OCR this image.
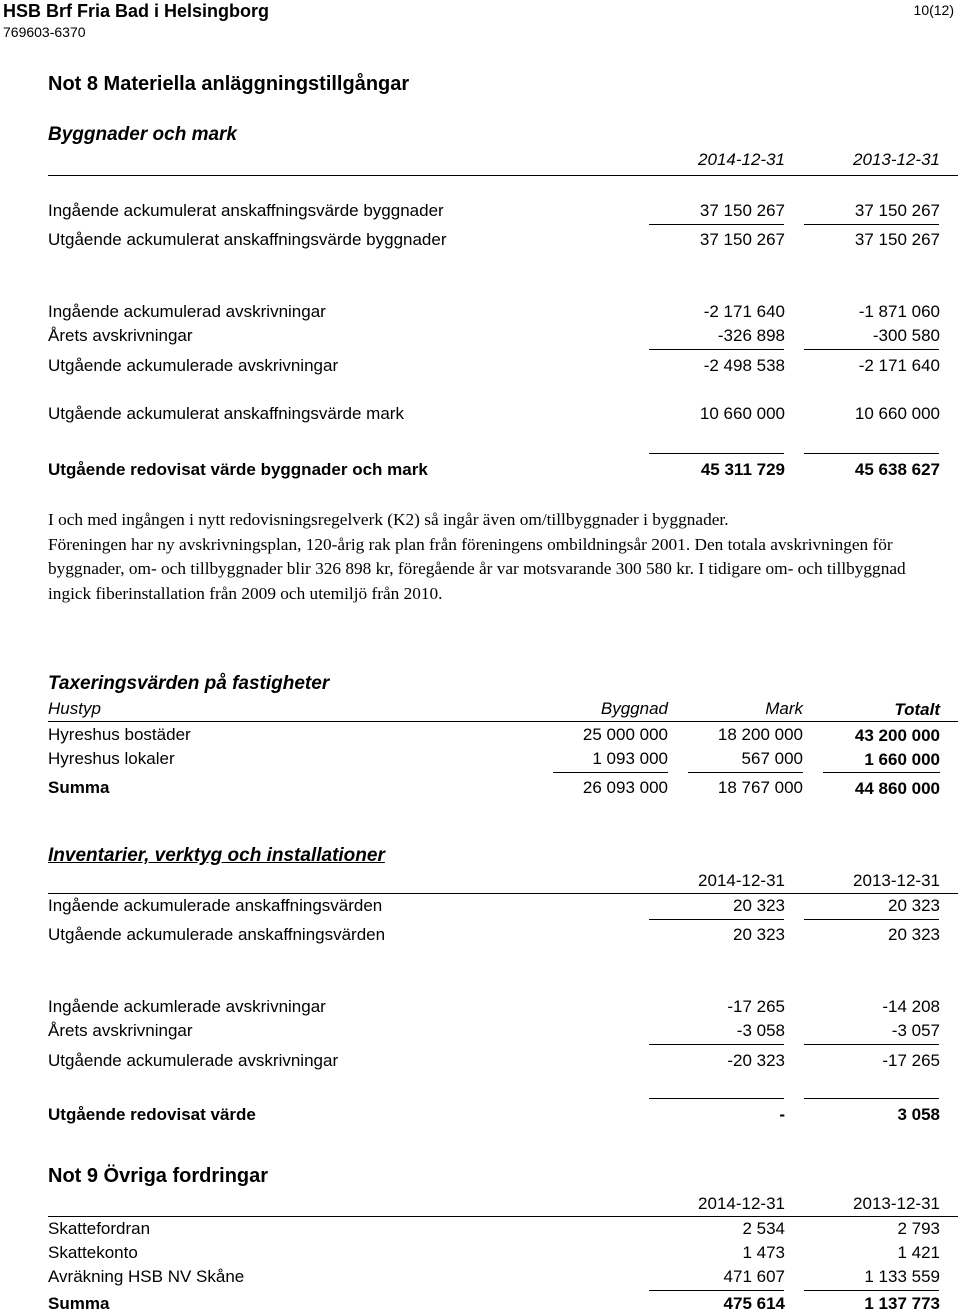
HSB Brf Fria Bad i Helsingborg
769603-6370
10(12)
Not 8 Materiella anläggningstillgångar
Byggnader och mark
2014-12-31	2013-12-31
Ingående ackumulerat anskaffningsvärde byggnader	37 150 267	37 150 267
Utgående ackumulerat anskaffningsvärde byggnader	37 150 267	37 150 267
Ingående ackumulerad avskrivningar	-2 171 640	-1 871 060
Årets avskrivningar	-326 898	-300 580
Utgående ackumulerade avskrivningar	-2 498 538	-2 171 640
Utgående ackumulerat anskaffningsvärde mark	10 660 000	10 660 000
Utgående redovisat värde byggnader och mark	45 311 729	45 638 627

I och med ingången i nytt redovisningsregelverk (K2) så ingår även om/tillbyggnader i byggnader.

Föreningen har ny avskrivningsplan, 120-årig rak plan från föreningens ombildningsår 2001. Den totala avskrivningen för byggnader, om- och tillbyggnader blir 326 898 kr, föregående år var motsvarande 300 580 kr. I tidigare om- och tillbyggnad ingick fiberinstallation från 2009 och utemiljö från 2010.

Taxeringsvärden på fastigheter
Hustyp	Byggnad	Mark	Totalt
Hyreshus bostäder	25 000 000	18 200 000	43 200 000
Hyreshus lokaler	1 093 000	567 000	1 660 000
Summa	26 093 000	18 767 000	44 860 000
Inventarier, verktyg och installationer
2014-12-31	2013-12-31
Ingående ackumulerade anskaffningsvärden	20 323	20 323
Utgående ackumulerade anskaffningsvärden	20 323	20 323
Ingående ackumlerade avskrivningar	-17 265	-14 208
Årets avskrivningar	-3 058	-3 057
Utgående ackumulerade avskrivningar	-20 323	-17 265
Utgående redovisat värde	-	3 058
Not 9 Övriga fordringar
2014-12-31	2013-12-31
Skattefordran	2 534	2 793
Skattekonto	1 473	1 421
Avräkning HSB NV Skåne	471 607	1 133 559
Summa	475 614	1 137 773
